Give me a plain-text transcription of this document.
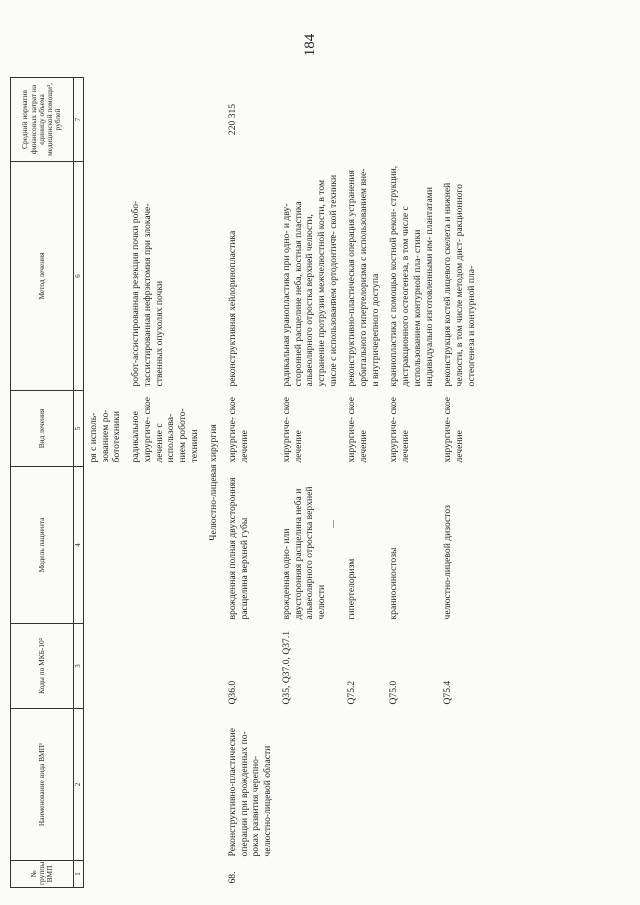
184
№ группы ВМП	Наименование вида ВМП¹	Коды по МКБ-10²	Модель пациента	Вид лечения	Метод лечения	Средний норматив финансовых затрат на единицу объема медицинской помощи³, рублей
1	2	3	4	5	6	7
				ря с исполь- зованием ро- бототехники		
				радикальное хирургиче- ское лечение с использова- нием робото- техники	робот-ассистированная резекция почки робо- тассистированная нефрэктомия при злокаче- ственных опухолях почки	
Челюстно-лицевая хирургия						
68.	Реконструктивно-пластические операции при врожденных по- роках развития черепно- челюстно-лицевой области	Q36.0	врожденная полная двухсторонняя расщелина верхней губы	хирургиче- ское лечение	реконструктивная хейлоринопластика	220 315
		Q35, Q37.0, Q37.1	врожденная одно- или двусторонняя расщелина неба и альвеолярного отростка верхней челюсти	хирургиче- ское лечение	радикальная уранопластика при одно- и дву- сторонней расщелине неба, костная пластика альвеолярного отростка верхней челюсти, устранение протрузии межчелюстной кости, в том числе с использованием ортодонтиче- ской техники	
		Q75.2	гипертелоризм	хирургиче- ское лечение	реконструктивно-пластическая операция устранения орбитального гипертелоризма с использованием вне- и внутричерепного доступа	
		Q75.0	краниосиностозы	хирургиче- ское лечение	краниопластика с помощью костной рекон- струкции, дистракционного остеогенеза, в том числе с использованием контурной пла- стики индивидуально изготовленными им- плантатами	
		Q75.4	челюстно-лицевой дизостоз	хирургиче- ское лечение	реконструкция костей лицевого скелета и нижней челюсти, в том числе методом дист- ракционного остеогенеза и контурной пла-	
